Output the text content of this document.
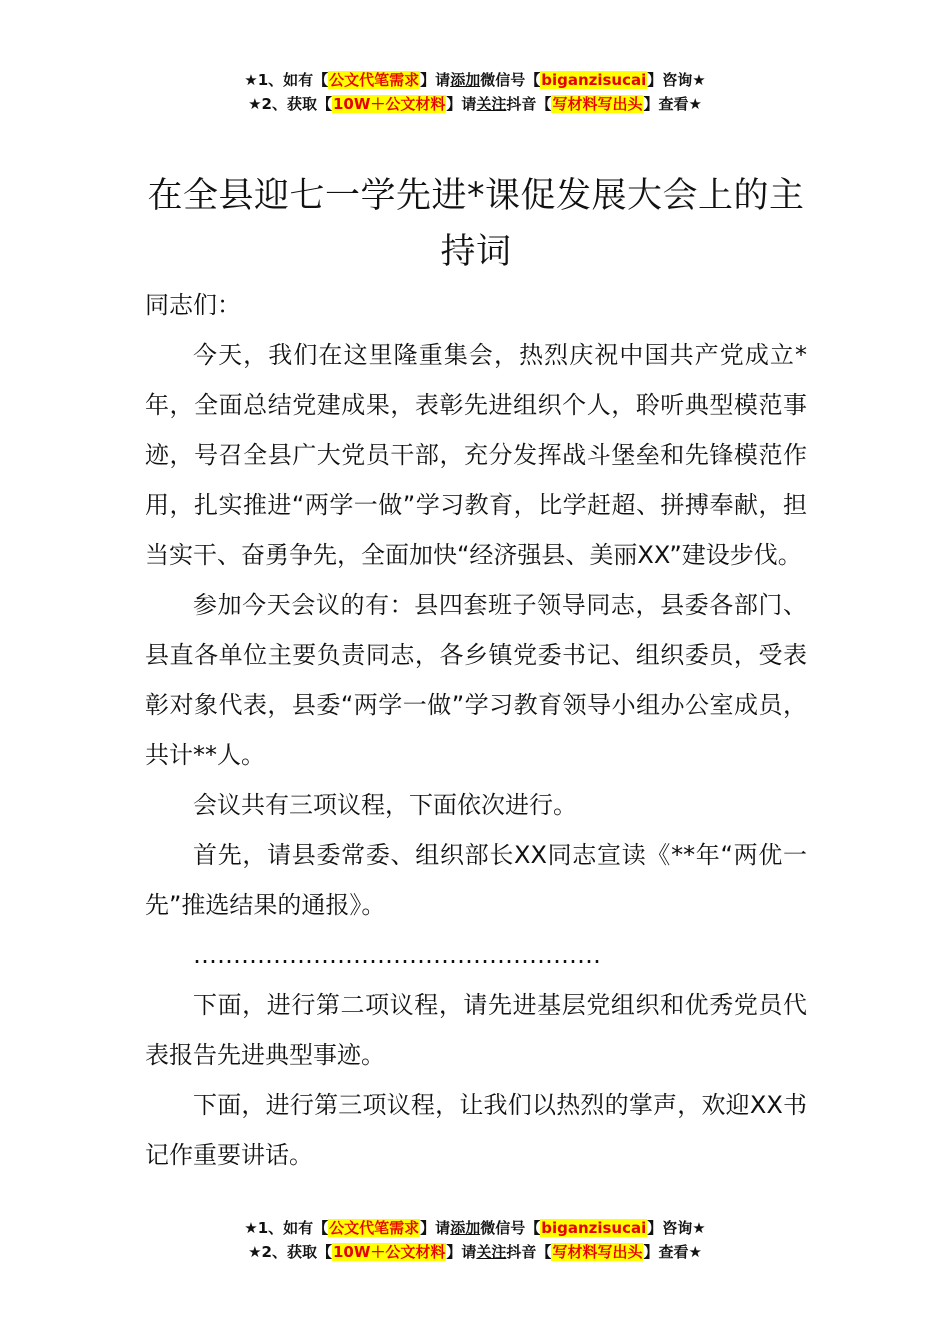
★1、如有【公文代笔需求】请添加微信号【biganzisucai】咨询★
★2、获取【10W＋公文材料】请关注抖音【写材料写出头】查看★
在全县迎七一学先进*课促发展大会上的主持词

同志们：

今天，我们在这里隆重集会，热烈庆祝中国共产党成立*年，全面总结党建成果，表彰先进组织个人，聆听典型模范事迹，号召全县广大党员干部，充分发挥战斗堡垒和先锋模范作用，扎实推进“两学一做”学习教育，比学赶超、拼搏奉献，担当实干、奋勇争先，全面加快“经济强县、美丽XX”建设步伐。

参加今天会议的有：县四套班子领导同志，县委各部门、县直各单位主要负责同志，各乡镇党委书记、组织委员，受表彰对象代表，县委“两学一做”学习教育领导小组办公室成员，共计**人。

会议共有三项议程，下面依次进行。

首先，请县委常委、组织部长XX同志宣读《**年“两优一先”推选结果的通报》。

……………………………………………

下面，进行第二项议程，请先进基层党组织和优秀党员代表报告先进典型事迹。

下面，进行第三项议程，让我们以热烈的掌声，欢迎XX书记作重要讲话。

★1、如有【公文代笔需求】请添加微信号【biganzisucai】咨询★
★2、获取【10W＋公文材料】请关注抖音【写材料写出头】查看★
